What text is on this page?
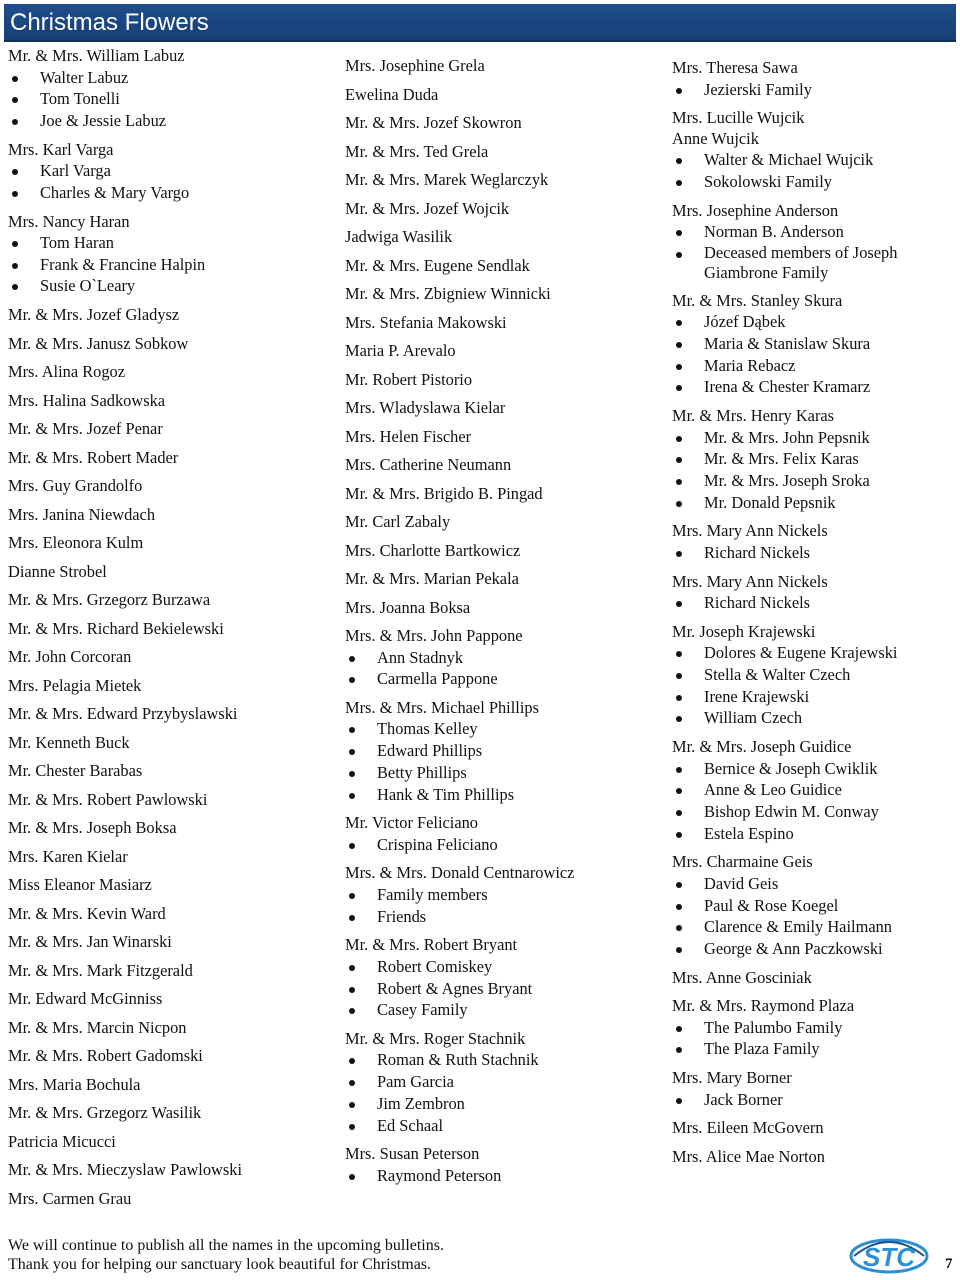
Christmas Flowers
Mr. & Mrs. William Labuz
Walter Labuz
Tom Tonelli
Joe & Jessie Labuz
Mrs. Karl Varga
Karl Varga
Charles & Mary Vargo
Mrs. Nancy Haran
Tom Haran
Frank & Francine Halpin
Susie O`Leary
Mr. & Mrs. Jozef Gladysz
Mr. & Mrs. Janusz Sobkow
Mrs. Alina Rogoz
Mrs. Halina Sadkowska
Mr. & Mrs. Jozef Penar
Mr. & Mrs. Robert Mader
Mrs. Guy Grandolfo
Mrs. Janina Niewdach
Mrs. Eleonora Kulm
Dianne Strobel
Mr. & Mrs. Grzegorz Burzawa
Mr. & Mrs. Richard Bekielewski
Mr. John Corcoran
Mrs. Pelagia Mietek
Mr. & Mrs. Edward Przybyslawski
Mr. Kenneth Buck
Mr. Chester Barabas
Mr. & Mrs. Robert Pawlowski
Mr. & Mrs. Joseph Boksa
Mrs. Karen Kielar
Miss Eleanor Masiarz
Mr. & Mrs. Kevin Ward
Mr. & Mrs. Jan Winarski
Mr. & Mrs. Mark Fitzgerald
Mr. Edward McGinniss
Mr. & Mrs. Marcin Nicpon
Mr. & Mrs. Robert Gadomski
Mrs. Maria Bochula
Mr. & Mrs. Grzegorz Wasilik
Patricia Micucci
Mr. & Mrs. Mieczyslaw Pawlowski
Mrs. Carmen Grau
Mrs. Josephine Grela
Ewelina Duda
Mr. & Mrs. Jozef Skowron
Mr. & Mrs. Ted Grela
Mr. & Mrs. Marek Weglarczyk
Mr. & Mrs. Jozef Wojcik
Jadwiga Wasilik
Mr. & Mrs. Eugene Sendlak
Mr. & Mrs. Zbigniew Winnicki
Mrs. Stefania Makowski
Maria P. Arevalo
Mr. Robert Pistorio
Mrs. Wladyslawa Kielar
Mrs. Helen Fischer
Mrs. Catherine Neumann
Mr. & Mrs. Brigido B. Pingad
Mr. Carl Zabaly
Mrs. Charlotte Bartkowicz
Mr. & Mrs. Marian Pekala
Mrs. Joanna Boksa
Mrs. & Mrs. John Pappone
Ann Stadnyk
Carmella Pappone
Mrs. & Mrs. Michael Phillips
Thomas Kelley
Edward Phillips
Betty Phillips
Hank & Tim Phillips
Mr. Victor Feliciano
Crispina Feliciano
Mrs. & Mrs. Donald Centnarowicz
Family members
Friends
Mr. & Mrs. Robert Bryant
Robert Comiskey
Robert & Agnes Bryant
Casey Family
Mr. & Mrs. Roger Stachnik
Roman & Ruth Stachnik
Pam Garcia
Jim Zembron
Ed Schaal
Mrs. Susan Peterson
Raymond Peterson
Mrs. Theresa Sawa
Jezierski Family
Mrs. Lucille Wujcik
Anne Wujcik
Walter & Michael Wujcik
Sokolowski Family
Mrs. Josephine Anderson
Norman B. Anderson
Deceased members of Joseph Giambrone Family
Mr. & Mrs. Stanley Skura
Józef Dąbek
Maria & Stanislaw Skura
Maria Rebacz
Irena & Chester Kramarz
Mr. & Mrs. Henry Karas
Mr. & Mrs. John Pepsnik
Mr. & Mrs. Felix Karas
Mr. & Mrs. Joseph Sroka
Mr. Donald Pepsnik
Mrs. Mary Ann Nickels
Richard Nickels
Mrs. Mary Ann Nickels
Richard Nickels
Mr. Joseph Krajewski
Dolores & Eugene Krajewski
Stella & Walter Czech
Irene Krajewski
William Czech
Mr. & Mrs. Joseph Guidice
Bernice & Joseph Cwiklik
Anne & Leo Guidice
Bishop Edwin M. Conway
Estela Espino
Mrs. Charmaine Geis
David Geis
Paul & Rose Koegel
Clarence & Emily Hailmann
George & Ann Paczkowski
Mrs. Anne Gosciniak
Mr. & Mrs. Raymond Plaza
The Palumbo Family
The Plaza Family
Mrs. Mary Borner
Jack Borner
Mrs. Eileen McGovern
Mrs. Alice Mae Norton
We will continue to publish all the names in the upcoming bulletins.
Thank you for helping our sanctuary look beautiful for Christmas.	STC 7
